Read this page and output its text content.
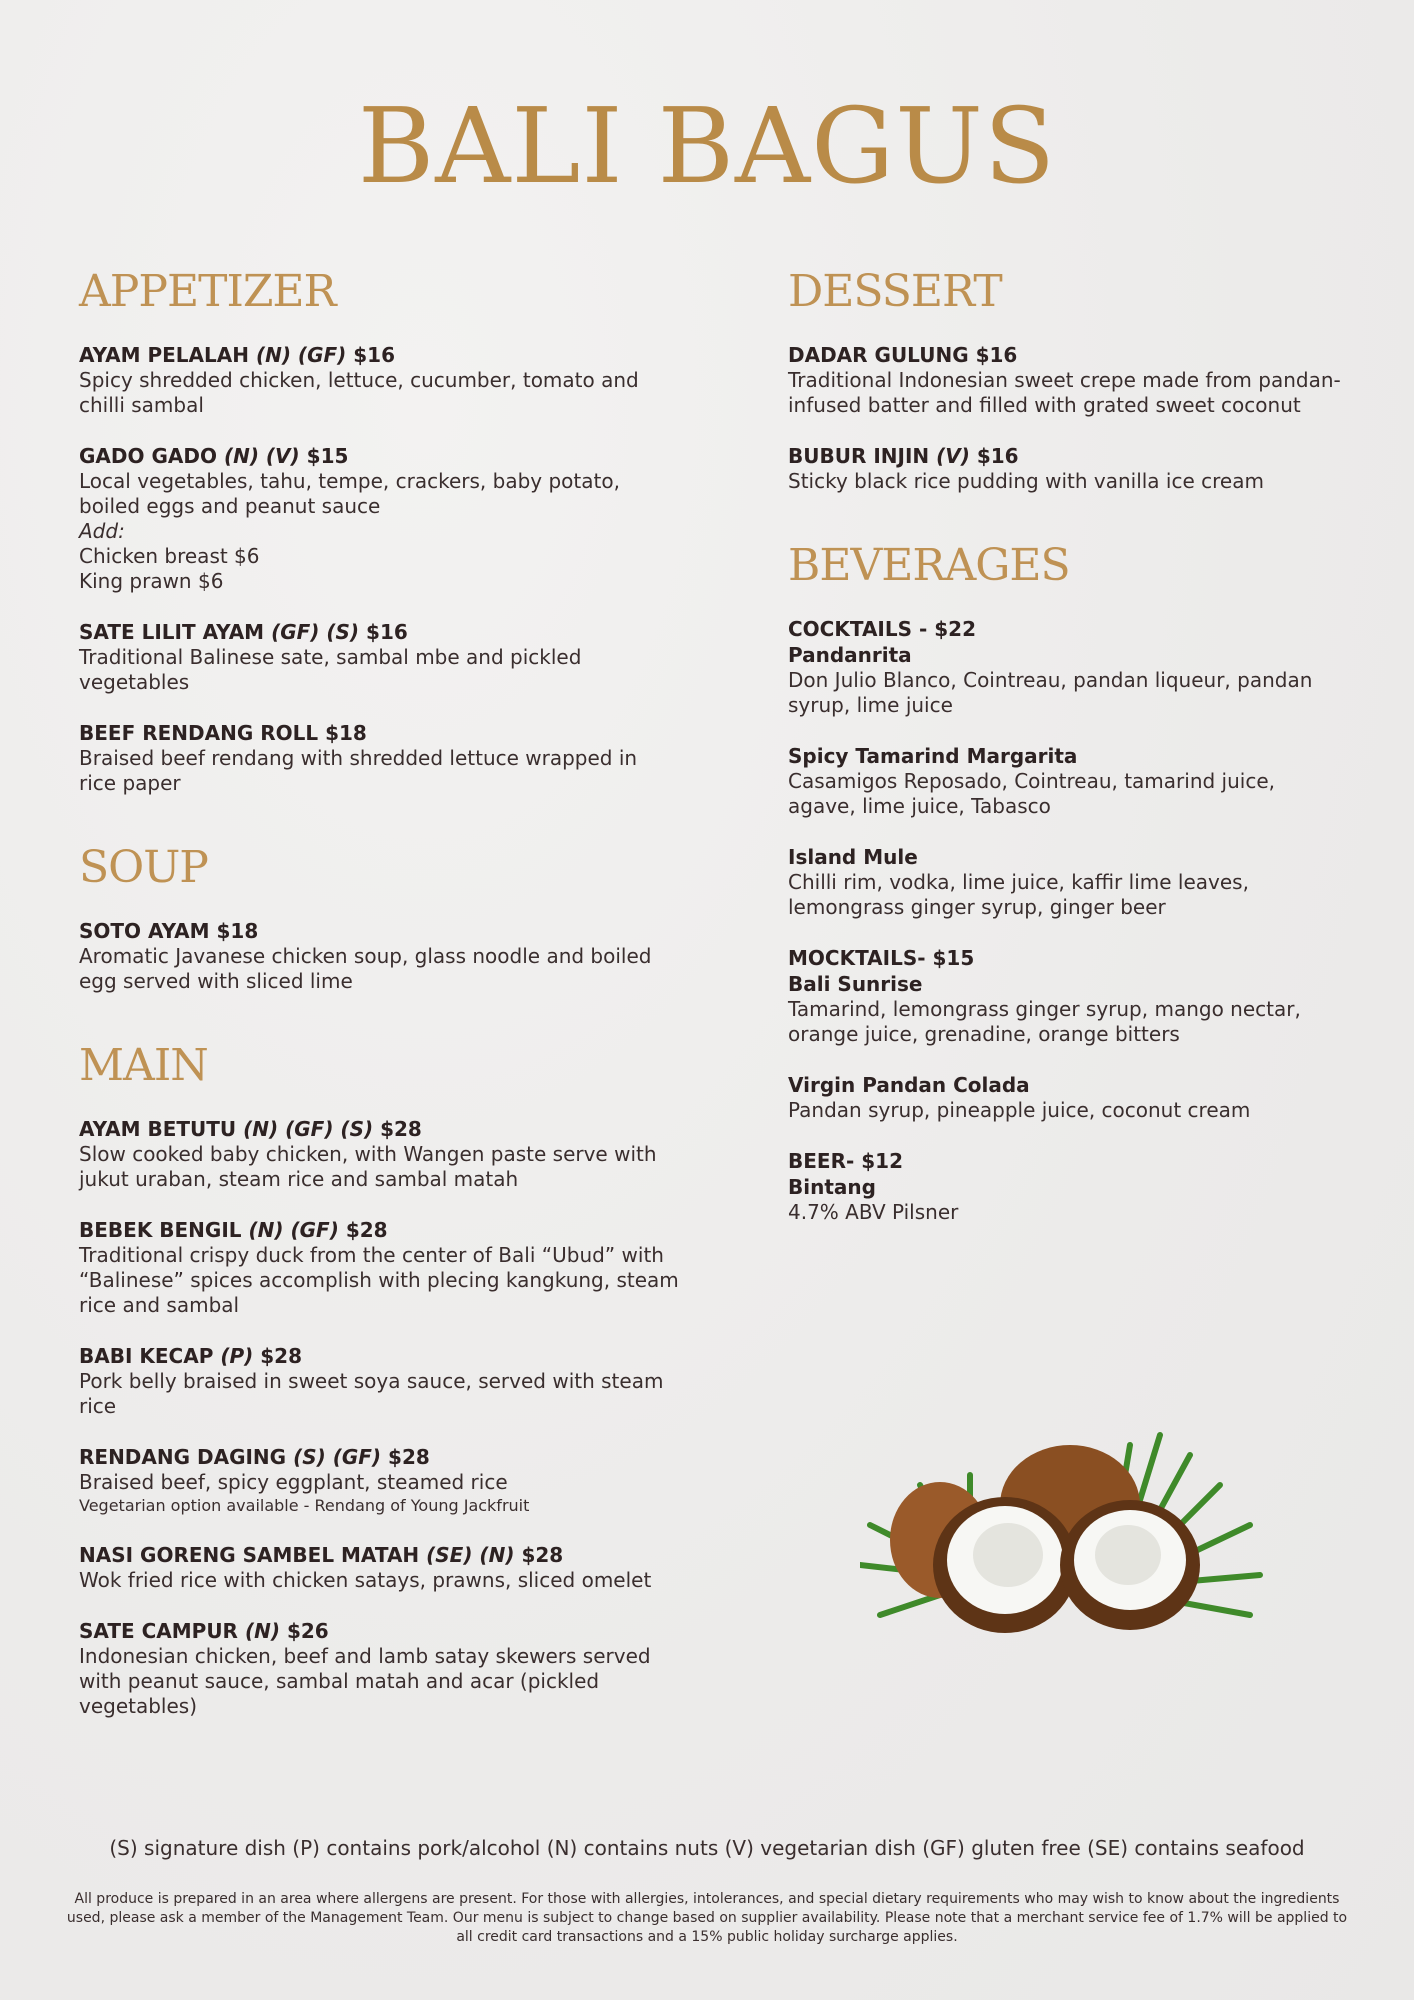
BALI BAGUS
APPETIZER
AYAM PELALAH (N) (GF) $16
Spicy shredded chicken, lettuce, cucumber, tomato and chilli sambal
GADO GADO (N) (V) $15
Local vegetables, tahu, tempe, crackers, baby potato, boiled eggs and peanut sauce
Add:
Chicken breast $6
King prawn $6
SATE LILIT AYAM (GF) (S) $16
Traditional Balinese sate, sambal mbe and pickled vegetables
BEEF RENDANG ROLL $18
Braised beef rendang with shredded lettuce wrapped in rice paper
SOUP
SOTO AYAM $18
Aromatic Javanese chicken soup, glass noodle and boiled egg served with sliced lime
MAIN
AYAM BETUTU (N) (GF) (S) $28
Slow cooked baby chicken, with Wangen paste serve with jukut uraban, steam rice and sambal matah
BEBEK BENGIL (N) (GF) $28
Traditional crispy duck from the center of Bali “Ubud” with “Balinese” spices accomplish with plecing kangkung, steam rice and sambal
BABI KECAP (P) $28
Pork belly braised in sweet soya sauce, served with steam rice
RENDANG DAGING (S) (GF) $28
Braised beef, spicy eggplant, steamed rice
Vegetarian option available - Rendang of Young Jackfruit
NASI GORENG SAMBEL MATAH (SE) (N) $28
Wok fried rice with chicken satays, prawns, sliced omelet
SATE CAMPUR (N) $26
Indonesian chicken, beef and lamb satay skewers served with peanut sauce, sambal matah and acar (pickled vegetables)
DESSERT
DADAR GULUNG $16
Traditional Indonesian sweet crepe made from pandan-infused batter and filled with grated sweet coconut
BUBUR INJIN (V) $16
Sticky black rice pudding with vanilla ice cream
BEVERAGES
COCKTAILS - $22
Pandanrita
Don Julio Blanco, Cointreau, pandan liqueur, pandan syrup, lime juice
Spicy Tamarind Margarita
Casamigos Reposado, Cointreau, tamarind juice, agave, lime juice, Tabasco
Island Mule
Chilli rim, vodka, lime juice, kaffir lime leaves, lemongrass ginger syrup, ginger beer
MOCKTAILS- $15
Bali Sunrise
Tamarind, lemongrass ginger syrup, mango nectar, orange juice, grenadine, orange bitters
Virgin Pandan Colada
Pandan syrup, pineapple juice, coconut cream
BEER- $12
Bintang
4.7% ABV Pilsner
(S) signature dish (P) contains pork/alcohol (N) contains nuts (V) vegetarian dish (GF) gluten free (SE) contains seafood
All produce is prepared in an area where allergens are present. For those with allergies, intolerances, and special dietary requirements who may wish to know about the ingredients used, please ask a member of the Management Team. Our menu is subject to change based on supplier availability. Please note that a merchant service fee of 1.7% will be applied to all credit card transactions and a 15% public holiday surcharge applies.
